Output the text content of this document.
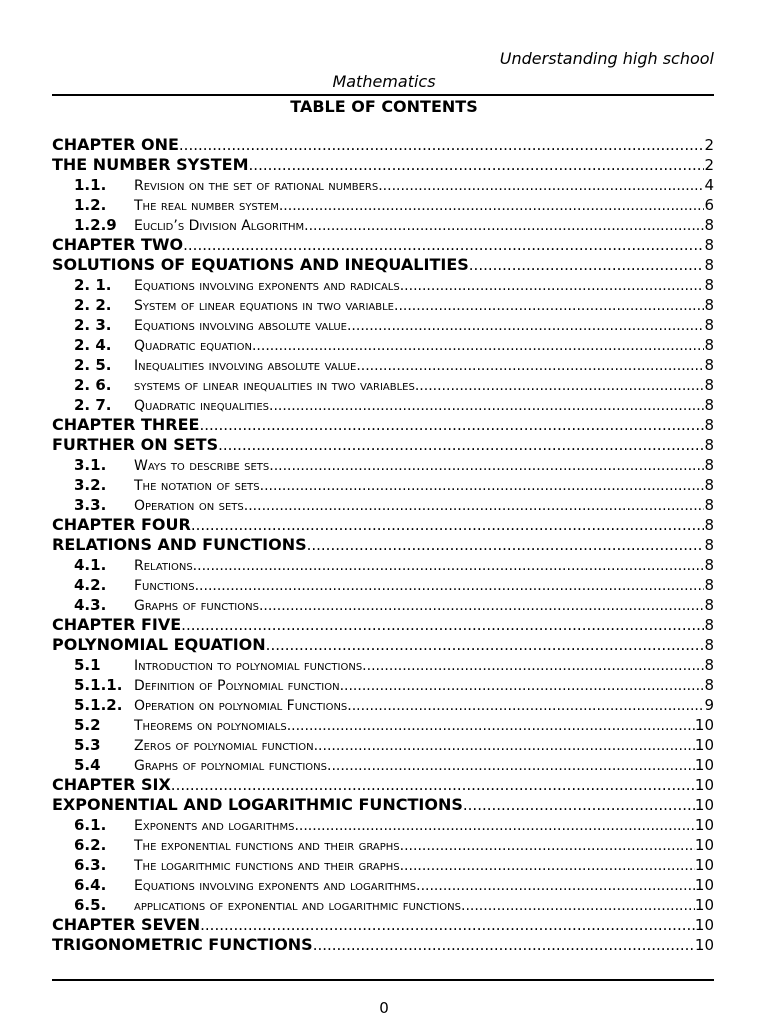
Understanding high school
Mathematics
TABLE OF CONTENTS
CHAPTER ONE .....	2
THE NUMBER SYSTEM .....	2
1.1.	Revision on the set of rational numbers .....	4
1.2.	The real number system .....	6
1.2.9	Euclid’s Division Algorithm .....	8
CHAPTER TWO .....	8
SOLUTIONS OF EQUATIONS AND INEQUALITIES .....	8
2. 1.	Equations involving exponents and radicals .....	8
2. 2.	System of linear equations in two variable .....	8
2. 3.	Equations involving absolute value .....	8
2. 4.	Quadratic equation .....	8
2. 5.	Inequalities involving absolute value .....	8
2. 6.	systems of linear inequalities in two variables .....	8
2. 7.	Quadratic inequalities .....	8
CHAPTER THREE .....	8
FURTHER ON SETS .....	8
3.1.	Ways to describe sets .....	8
3.2.	The notation of sets .....	8
3.3.	Operation on sets .....	8
CHAPTER FOUR .....	8
RELATIONS AND FUNCTIONS .....	8
4.1.	Relations .....	8
4.2.	Functions .....	8
4.3.	Graphs of functions .....	8
CHAPTER FIVE .....	8
POLYNOMIAL EQUATION .....	8
5.1	Introduction to polynomial functions .....	8
5.1.1. Definition of Polynomial function .....	8
5.1.2. Operation on polynomial Functions .....	9
5.2	Theorems on polynomials .....	10
5.3	Zeros of polynomial function .....	10
5.4	Graphs of polynomial functions .....	10
CHAPTER SIX .....	10
EXPONENTIAL AND LOGARITHMIC FUNCTIONS .....	10
6.1.	Exponents and logarithms .....	10
6.2.	The exponential functions and their graphs .....	10
6.3.	The logarithmic functions and their graphs .....	10
6.4.	Equations involving exponents and logarithms .....	10
6.5.	applications of exponential and logarithmic functions .....	10
CHAPTER SEVEN .....	10
TRIGONOMETRIC FUNCTIONS .....	10
0
